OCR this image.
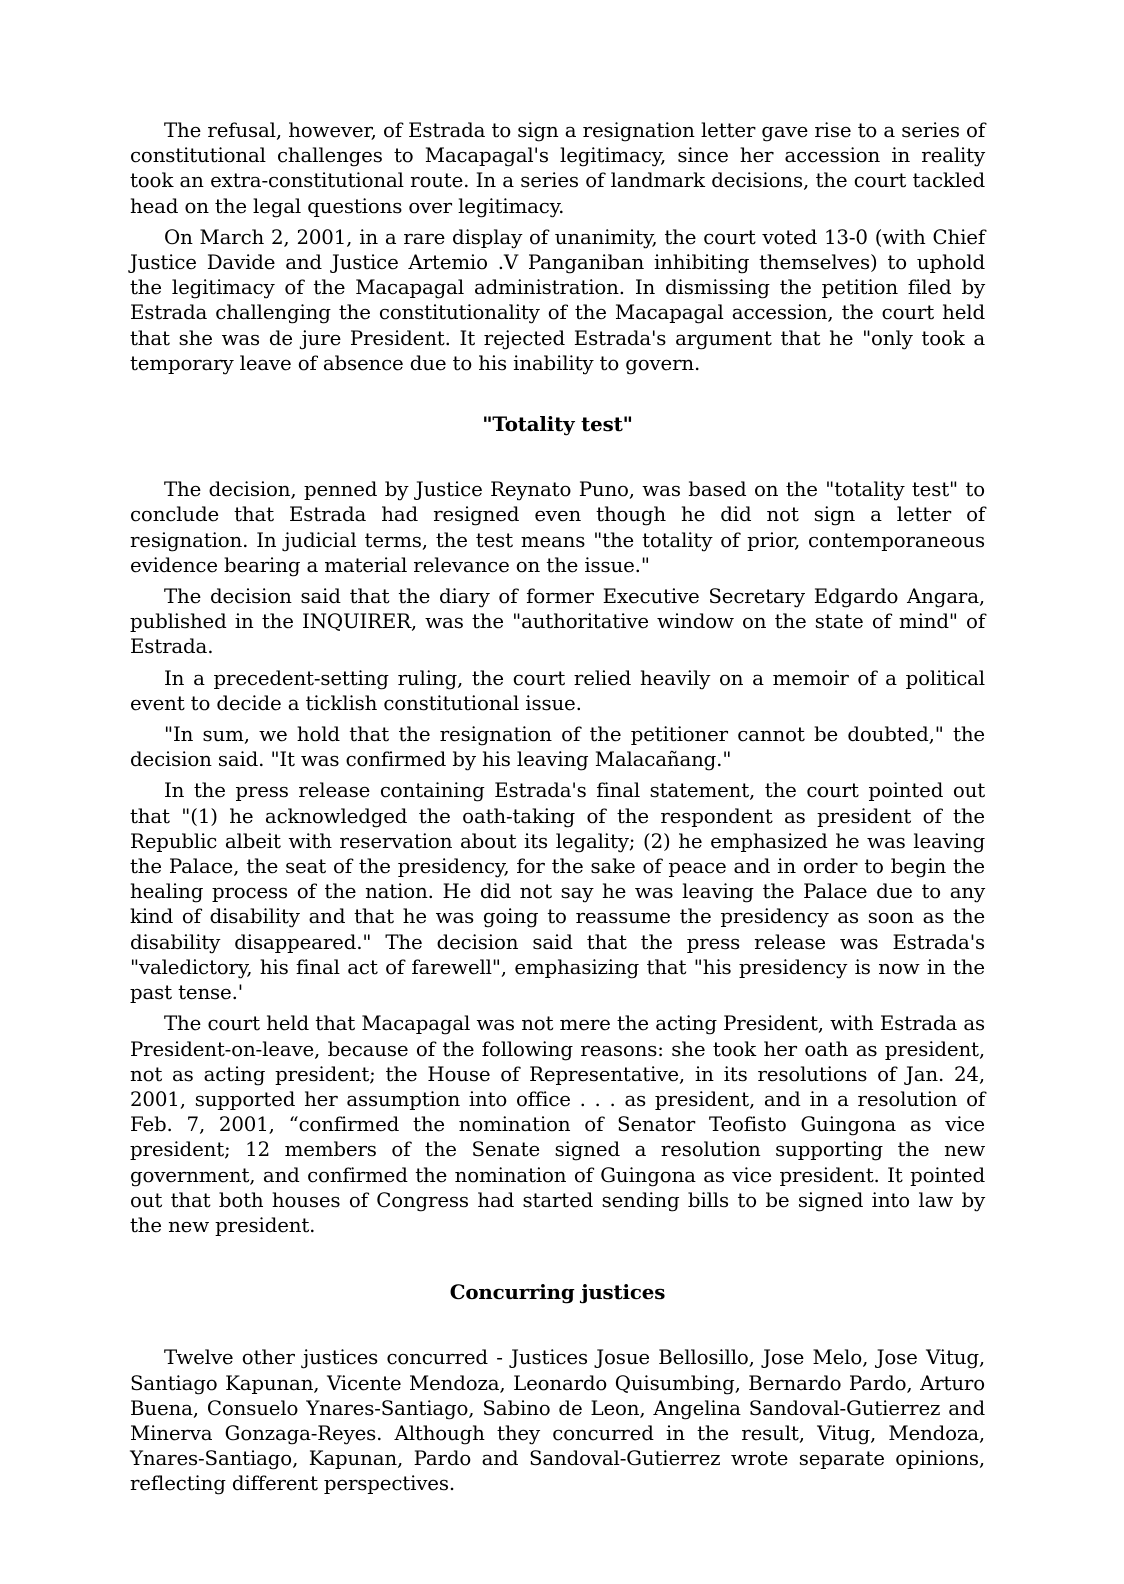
The refusal, however, of Estrada to sign a resignation letter gave rise to a series of constitutional challenges to Macapagal's legitimacy, since her accession in reality took an extra-constitutional route. In a series of landmark decisions, the court tackled head on the legal questions over legitimacy.

On March 2, 2001, in a rare display of unanimity, the court voted 13-0 (with Chief Justice Davide and Justice Artemio .V Panganiban inhibiting themselves) to uphold the legitimacy of the Macapagal administration. In dismissing the petition filed by Estrada challenging the constitutionality of the Macapagal accession, the court held that she was de jure President. It rejected Estrada's argument that he "only took a temporary leave of absence due to his inability to govern.

"Totality test"

The decision, penned by Justice Reynato Puno, was based on the "totality test" to conclude that Estrada had resigned even though he did not sign a letter of resignation. In judicial terms, the test means "the totality of prior, contemporaneous evidence bearing a material relevance on the issue."

The decision said that the diary of former Executive Secretary Edgardo Angara, published in the INQUIRER, was the "authoritative window on the state of mind" of Estrada.

In a precedent-setting ruling, the court relied heavily on a memoir of a political event to decide a ticklish constitutional issue.

"In sum, we hold that the resignation of the petitioner cannot be doubted," the decision said. "It was confirmed by his leaving Malacañang."

In the press release containing Estrada's final statement, the court pointed out that "(1) he acknowledged the oath-taking of the respondent as president of the Republic albeit with reservation about its legality; (2) he emphasized he was leaving the Palace, the seat of the presidency, for the sake of peace and in order to begin the healing process of the nation. He did not say he was leaving the Palace due to any kind of disability and that he was going to reassume the presidency as soon as the disability disappeared." The decision said that the press release was Estrada's "valedictory, his final act of farewell", emphasizing that "his presidency is now in the past tense.'

The court held that Macapagal was not mere the acting President, with Estrada as President-on-leave, because of the following reasons: she took her oath as president, not as acting president; the House of Representative, in its resolutions of Jan. 24, 2001, supported her assumption into office . . . as president, and in a resolution of Feb. 7, 2001, “confirmed the nomination of Senator Teofisto Guingona as vice president; 12 members of the Senate signed a resolution supporting the new government, and confirmed the nomination of Guingona as vice president. It pointed out that both houses of Congress had started sending bills to be signed into law by the new president.

Concurring justices

Twelve other justices concurred - Justices Josue Bellosillo, Jose Melo, Jose Vitug, Santiago Kapunan, Vicente Mendoza, Leonardo Quisumbing, Bernardo Pardo, Arturo Buena, Consuelo Ynares-Santiago, Sabino de Leon, Angelina Sandoval-Gutierrez and Minerva Gonzaga-Reyes. Although they concurred in the result, Vitug, Mendoza, Ynares-Santiago, Kapunan, Pardo and Sandoval-Gutierrez wrote separate opinions, reflecting different perspectives.
